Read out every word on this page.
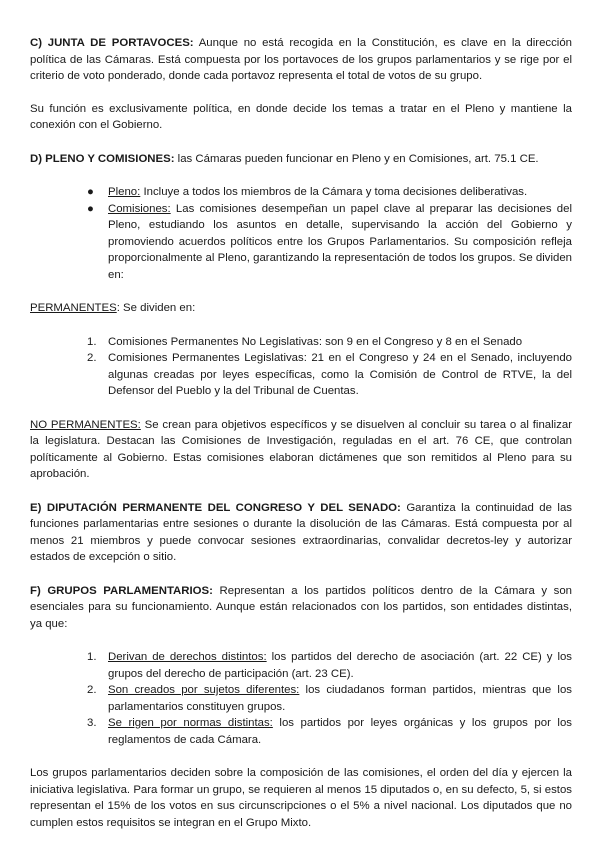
C) JUNTA DE PORTAVOCES: Aunque no está recogida en la Constitución, es clave en la dirección política de las Cámaras. Está compuesta por los portavoces de los grupos parlamentarios y se rige por el criterio de voto ponderado, donde cada portavoz representa el total de votos de su grupo.

Su función es exclusivamente política, en donde decide los temas a tratar en el Pleno y mantiene la conexión con el Gobierno.

D) PLENO Y COMISIONES: las Cámaras pueden funcionar en Pleno y en Comisiones, art. 75.1 CE.

● Pleno: Incluye a todos los miembros de la Cámara y toma decisiones deliberativas.
● Comisiones: Las comisiones desempeñan un papel clave al preparar las decisiones del Pleno, estudiando los asuntos en detalle, supervisando la acción del Gobierno y promoviendo acuerdos políticos entre los Grupos Parlamentarios. Su composición refleja proporcionalmente al Pleno, garantizando la representación de todos los grupos. Se dividen en:

PERMANENTES: Se dividen en:

1. Comisiones Permanentes No Legislativas: son 9 en el Congreso y 8 en el Senado
2. Comisiones Permanentes Legislativas: 21 en el Congreso y 24 en el Senado, incluyendo algunas creadas por leyes específicas, como la Comisión de Control de RTVE, la del Defensor del Pueblo y la del Tribunal de Cuentas.

NO PERMANENTES: Se crean para objetivos específicos y se disuelven al concluir su tarea o al finalizar la legislatura. Destacan las Comisiones de Investigación, reguladas en el art. 76 CE, que controlan políticamente al Gobierno. Estas comisiones elaboran dictámenes que son remitidos al Pleno para su aprobación.

E) DIPUTACIÓN PERMANENTE DEL CONGRESO Y DEL SENADO: Garantiza la continuidad de las funciones parlamentarias entre sesiones o durante la disolución de las Cámaras. Está compuesta por al menos 21 miembros y puede convocar sesiones extraordinarias, convalidar decretos-ley y autorizar estados de excepción o sitio.

F) GRUPOS PARLAMENTARIOS: Representan a los partidos políticos dentro de la Cámara y son esenciales para su funcionamiento. Aunque están relacionados con los partidos, son entidades distintas, ya que:

1. Derivan de derechos distintos: los partidos del derecho de asociación (art. 22 CE) y los grupos del derecho de participación (art. 23 CE).
2. Son creados por sujetos diferentes: los ciudadanos forman partidos, mientras que los parlamentarios constituyen grupos.
3. Se rigen por normas distintas: los partidos por leyes orgánicas y los grupos por los reglamentos de cada Cámara.

Los grupos parlamentarios deciden sobre la composición de las comisiones, el orden del día y ejercen la iniciativa legislativa. Para formar un grupo, se requieren al menos 15 diputados o, en su defecto, 5, si estos representan el 15% de los votos en sus circunscripciones o el 5% a nivel nacional. Los diputados que no cumplen estos requisitos se integran en el Grupo Mixto.
